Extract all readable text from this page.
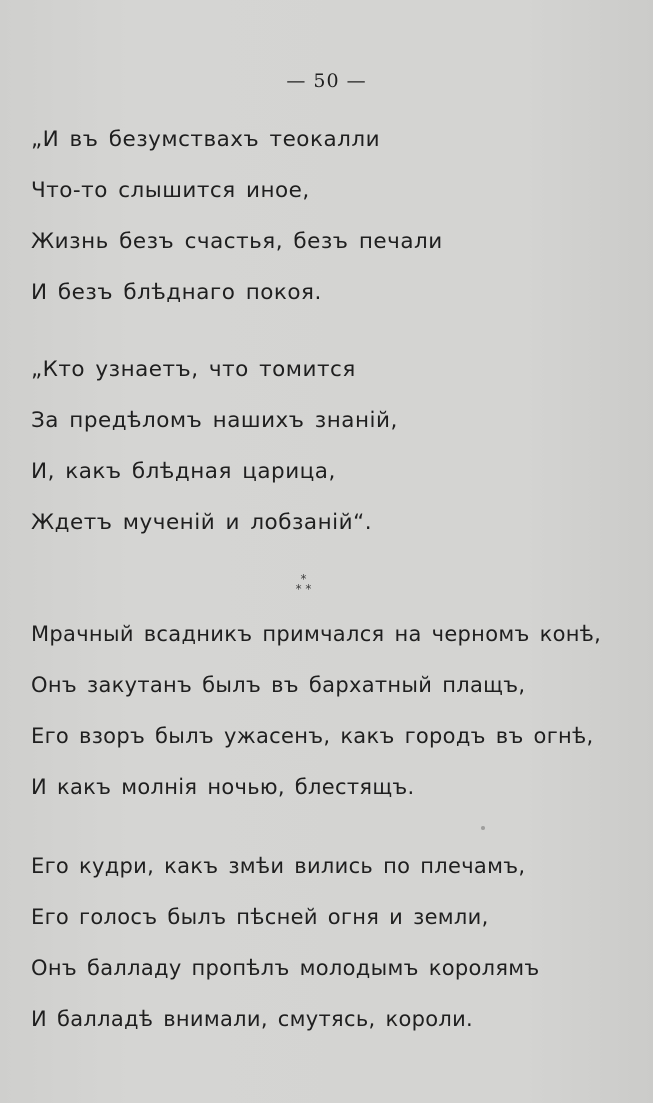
— 50 —
„И въ безумствахъ теокалли
Что-то слышится иное,
Жизнь безъ счастья, безъ печали
И безъ блѣднаго покоя.
„Кто узнаетъ, что томится
За предѣломъ нашихъ знаній,
И, какъ блѣдная царица,
Ждетъ мученій и лобзаній“.
*
* *
Мрачный всадникъ примчался на черномъ конѣ,
Онъ закутанъ былъ въ бархатный плащъ,
Его взоръ былъ ужасенъ, какъ городъ въ огнѣ,
И какъ молнія ночью, блестящъ.
Его кудри, какъ змѣи вились по плечамъ,
Его голосъ былъ пѣсней огня и земли,
Онъ балладу пропѣлъ молодымъ королямъ
И балладѣ внимали, смутясь, короли.
